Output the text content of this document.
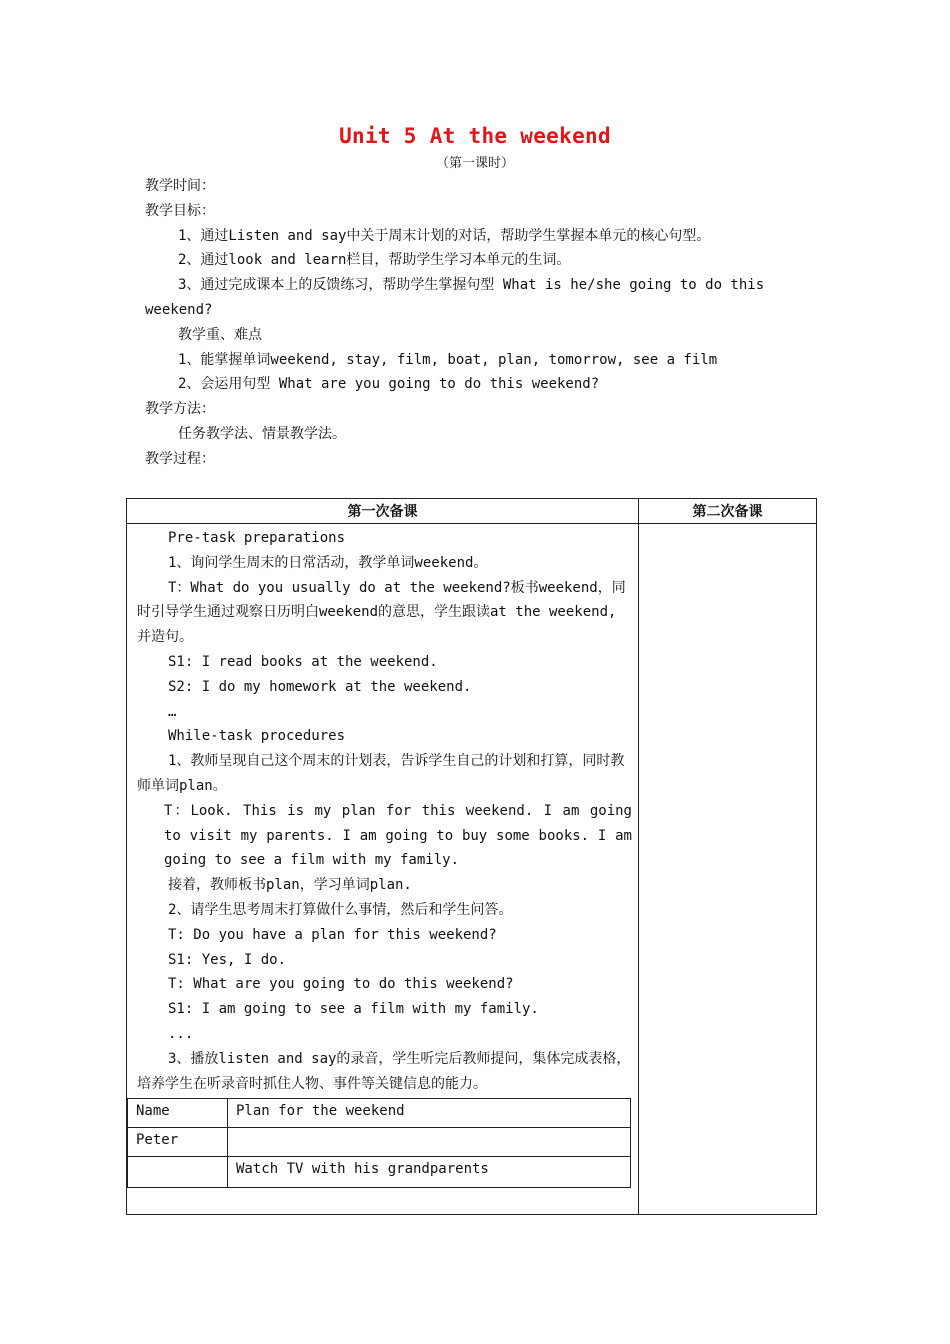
Unit 5 At the weekend
（第一课时）

教学时间：

教学目标：

1、通过Listen and say中关于周末计划的对话，帮助学生掌握本单元的核心句型。

2、通过look and learn栏目，帮助学生学习本单元的生词。

3、通过完成课本上的反馈练习，帮助学生掌握句型 What is he/she going to do this weekend?

教学重、难点

1、能掌握单词weekend, stay, film, boat, plan, tomorrow, see a film

2、会运用句型 What are you going to do this weekend?

教学方法：

任务教学法、情景教学法。

教学过程：

第一次备课	第二次备课

Pre-task preparations

1、询问学生周末的日常活动，教学单词weekend。

T：What do you usually do at the weekend?板书weekend，同时引导学生通过观察日历明白weekend的意思，学生跟读at the weekend, 并造句。

S1: I read books at the weekend.

S2: I do my homework at the weekend.

…

While-task procedures

1、教师呈现自己这个周末的计划表，告诉学生自己的计划和打算，同时教师单词plan。

T：Look. This is my plan for this weekend. I am going to visit my parents. I am going to buy some books. I am going to see a film with my family.

接着，教师板书plan，学习单词plan.

2、请学生思考周末打算做什么事情，然后和学生问答。

T: Do you have a plan for this weekend?

S1: Yes, I do.

T: What are you going to do this weekend?

S1: I am going to see a film with my family.

...

3、播放listen and say的录音，学生听完后教师提问，集体完成表格，培养学生在听录音时抓住人物、事件等关键信息的能力。

Name	Plan for the weekend
Peter	
	Watch TV with his grandparents
